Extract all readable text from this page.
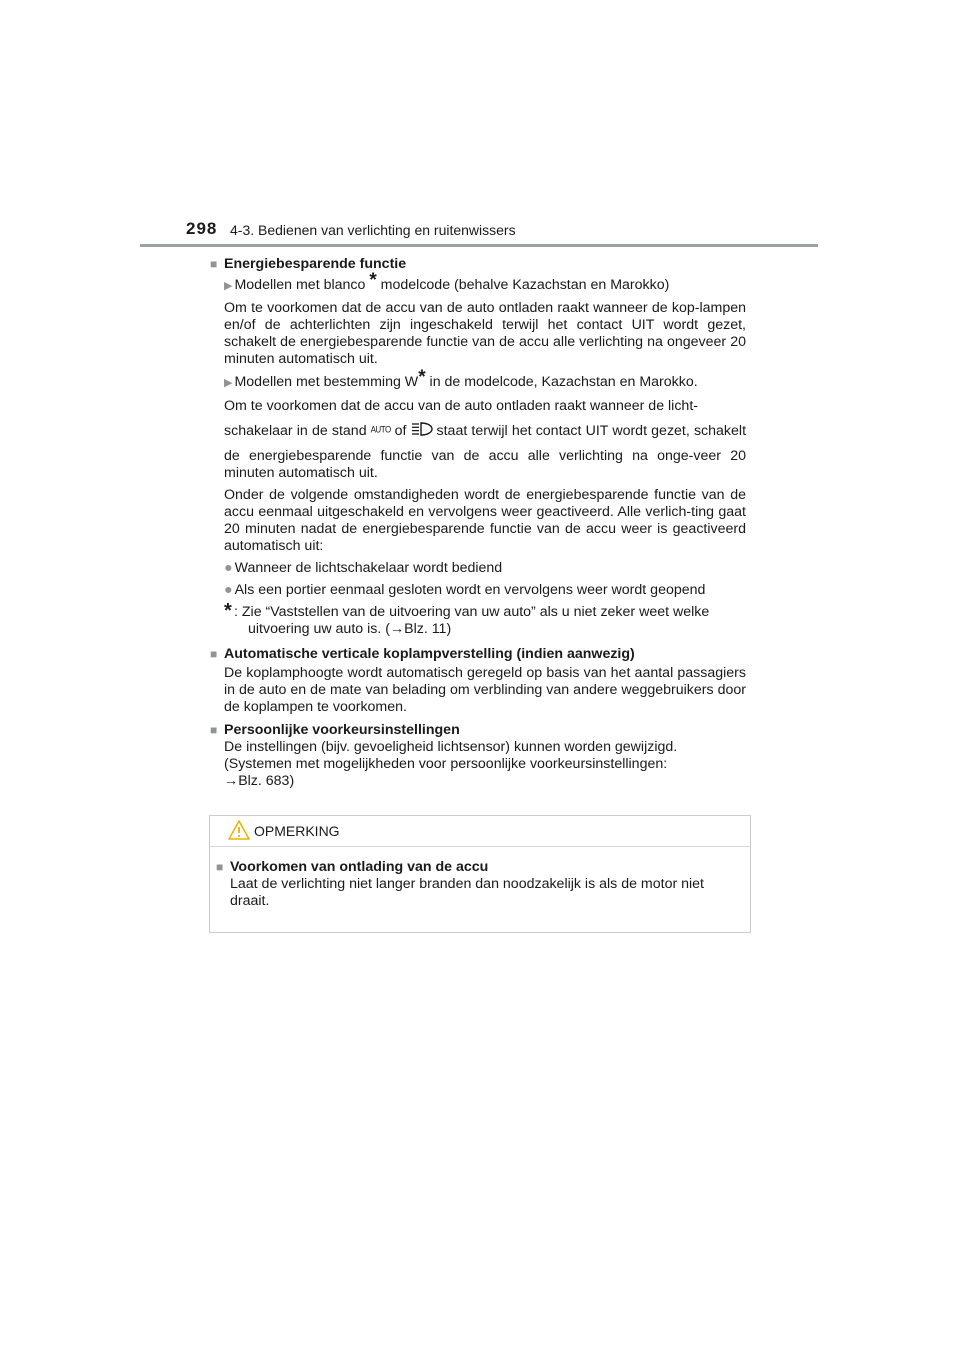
298 4-3. Bedienen van verlichting en ruitenwissers
■ Energiebesparende functie
▶ Modellen met blanco * modelcode (behalve Kazachstan en Marokko)

Om te voorkomen dat de accu van de auto ontladen raakt wanneer de kop-lampen en/of de achterlichten zijn ingeschakeld terwijl het contact UIT wordt gezet, schakelt de energiebesparende functie van de accu alle verlichting na ongeveer 20 minuten automatisch uit.

▶ Modellen met bestemming W* in de modelcode, Kazachstan en Marokko.

Om te voorkomen dat de accu van de auto ontladen raakt wanneer de licht-
schakelaar in de stand AUTO of staat terwijl het contact UIT wordt gezet, schakelt de energiebesparende functie van de accu alle verlichting na onge-veer 20 minuten automatisch uit.

Onder de volgende omstandigheden wordt de energiebesparende functie van de accu eenmaal uitgeschakeld en vervolgens weer geactiveerd. Alle verlich-ting gaat 20 minuten nadat de energiebesparende functie van de accu weer is geactiveerd automatisch uit:

● Wanneer de lichtschakelaar wordt bediend
● Als een portier eenmaal gesloten wordt en vervolgens weer wordt geopend
* : Zie “Vaststellen van de uitvoering van uw auto” als u niet zeker weet welke
uitvoering uw auto is. (→Blz. 11)
■ Automatische verticale koplampverstelling (indien aanwezig)

De koplamphoogte wordt automatisch geregeld op basis van het aantal passagiers in de auto en de mate van belading om verblinding van andere weggebruikers door de koplampen te voorkomen.

■ Persoonlijke voorkeursinstellingen
De instellingen (bijv. gevoeligheid lichtsensor) kunnen worden gewijzigd.
(Systemen met mogelijkheden voor persoonlijke voorkeursinstellingen:
→Blz. 683)
OPMERKING
■ Voorkomen van ontlading van de accu
Laat de verlichting niet langer branden dan noodzakelijk is als de motor niet draait.
